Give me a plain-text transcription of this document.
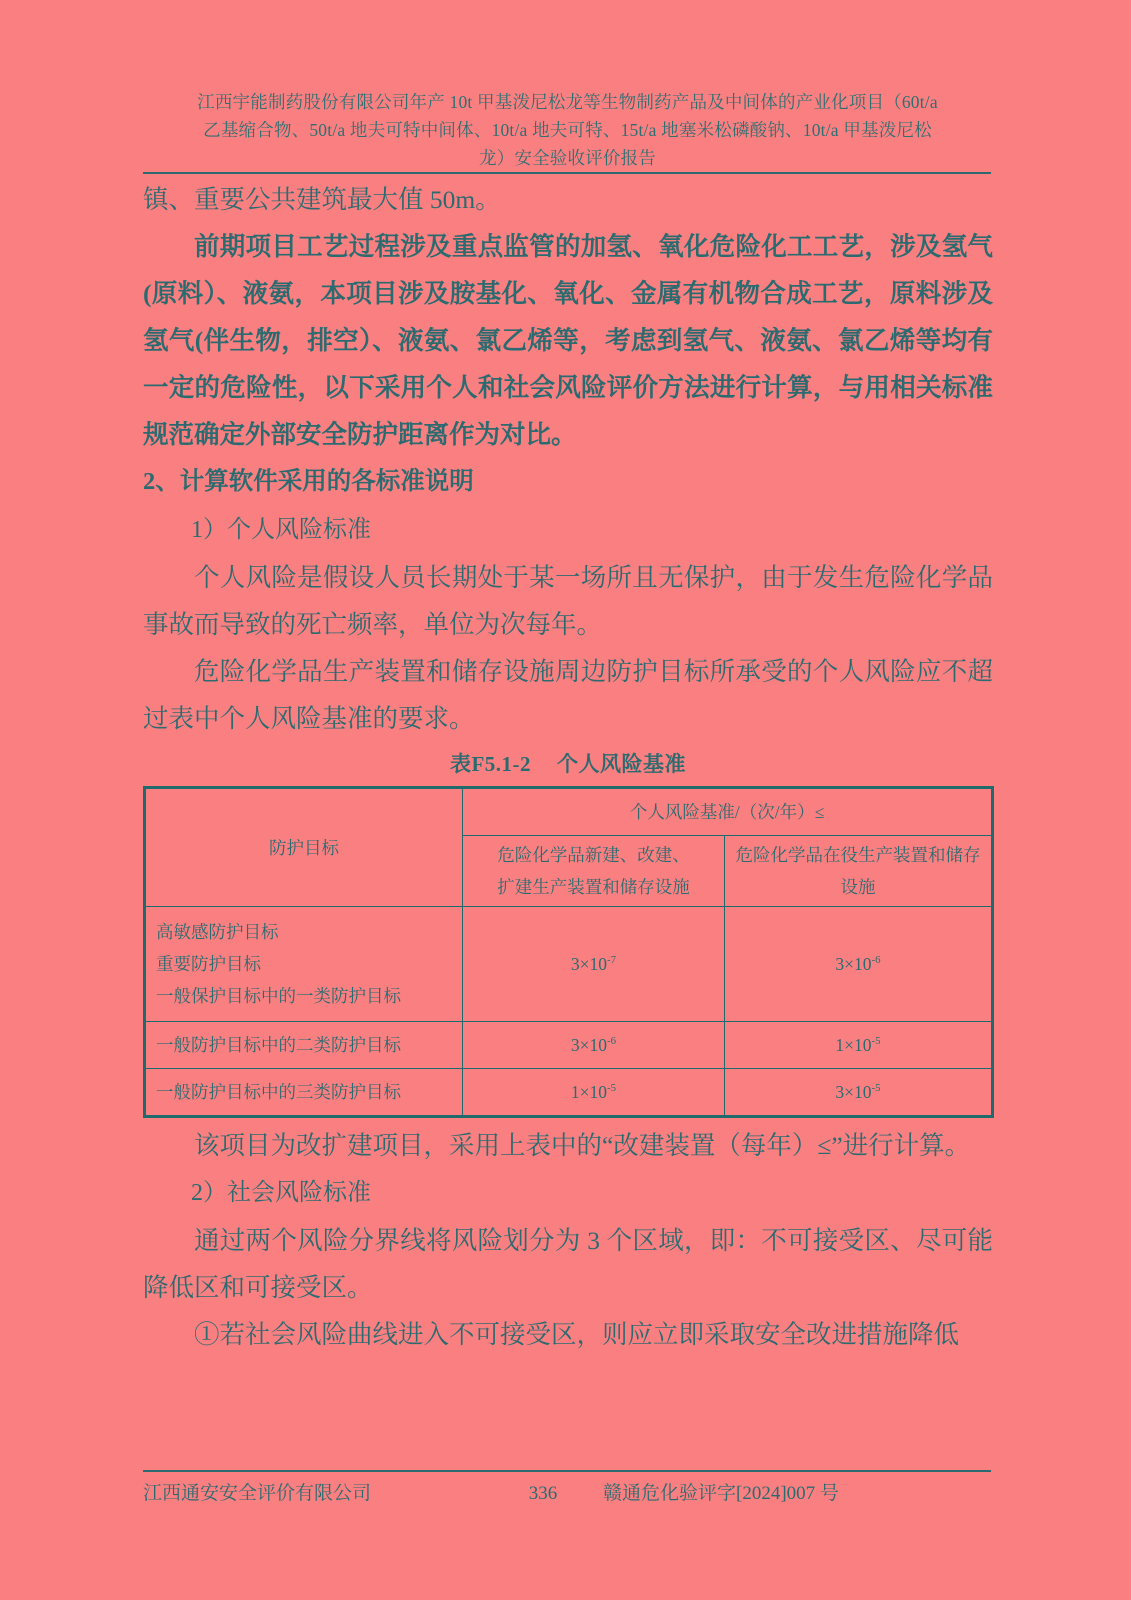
江西宇能制药股份有限公司年产 10t 甲基泼尼松龙等生物制药产品及中间体的产业化项目（60t/a
乙基缩合物、50t/a 地夫可特中间体、10t/a 地夫可特、15t/a 地塞米松磷酸钠、10t/a 甲基泼尼松
龙）安全验收评价报告

镇、重要公共建筑最大值 50m。

前期项目工艺过程涉及重点监管的加氢、氧化危险化工工艺，涉及氢气(原料）、液氨，本项目涉及胺基化、氧化、金属有机物合成工艺，原料涉及氢气(伴生物，排空）、液氨、氯乙烯等，考虑到氢气、液氨、氯乙烯等均有一定的危险性，以下采用个人和社会风险评价方法进行计算，与用相关标准规范确定外部安全防护距离作为对比。

2、计算软件采用的各标准说明

1）个人风险标准

个人风险是假设人员长期处于某一场所且无保护，由于发生危险化学品事故而导致的死亡频率，单位为次每年。

危险化学品生产装置和储存设施周边防护目标所承受的个人风险应不超过表中个人风险基准的要求。

表F5.1-2 个人风险基准
防护目标	个人风险基准/（次/年）≤	

危险化学品新建、改建、
扩建生产装置和储存设施

危险化学品在役生产装置和储存
设施

高敏感防护目标
重要防护目标
一般保护目标中的一类防护目标	$3\times 10^{-7}$	$3\times 10^{-6}$
一般防护目标中的二类防护目标	$3\times 10^{-6}$	$1\times 10^{-5}$
一般防护目标中的三类防护目标	$1\times 10^{-5}$	$3\times 10^{-5}$

该项目为改扩建项目，采用上表中的“改建装置（每年）≤”进行计算。

2）社会风险标准

通过两个风险分界线将风险划分为 3 个区域，即：不可接受区、尽可能降低区和可接受区。

①若社会风险曲线进入不可接受区，则应立即采取安全改进措施降低

江西通安安全评价有限公司	336	赣通危化验评字[2024]007 号
